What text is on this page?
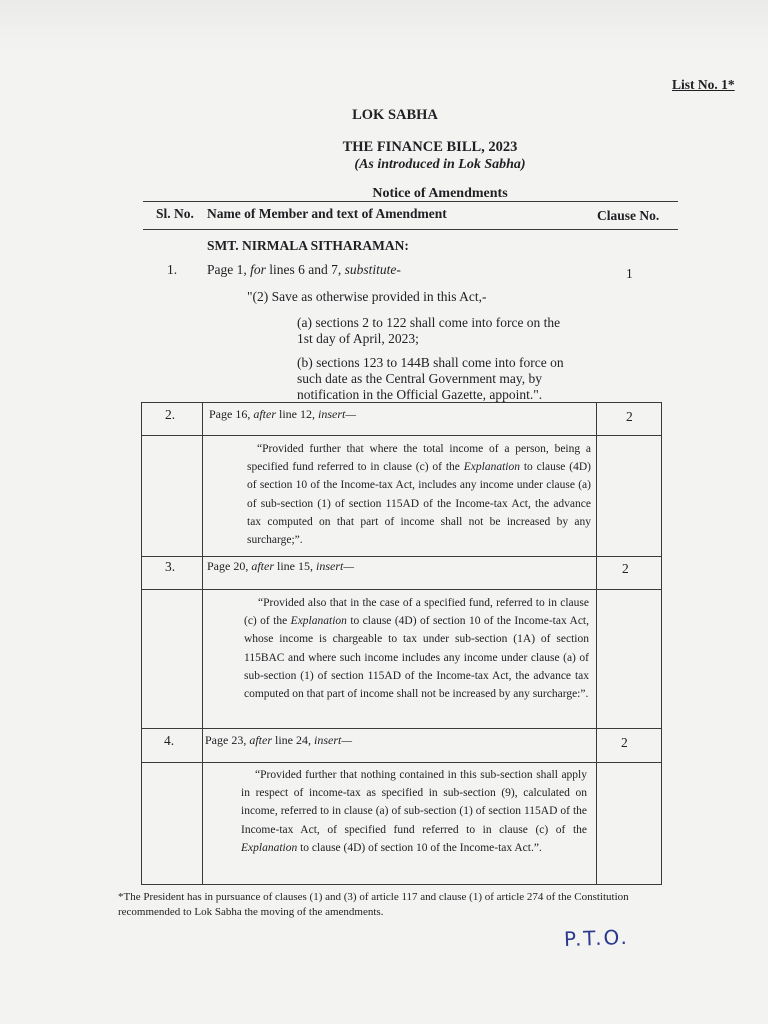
List No. 1*
LOK SABHA
THE FINANCE BILL, 2023
(As introduced in Lok Sabha)
Notice of Amendments
Sl. No. Name of Member and text of Amendment	Clause No.
SMT. NIRMALA SITHARAMAN:
1. Page 1, for lines 6 and 7, substitute-	1
"(2) Save as otherwise provided in this Act,-
(a) sections 2 to 122 shall come into force on the
1st day of April, 2023;
(b) sections 123 to 144B shall come into force on
such date as the Central Government may, by
notification in the Official Gazette, appoint.".
2.	Page 16, after line 12, insert—	2
“Provided further that where the total income of a person, being a specified fund referred to in clause (c) of the Explanation to clause (4D) of section 10 of the Income-tax Act, includes any income under clause (a) of sub-section (1) of section 115AD of the Income-tax Act, the advance tax computed on that part of income shall not be increased by any surcharge;”.
3.	Page 20, after line 15, insert—	2
“Provided also that in the case of a specified fund, referred to in clause (c) of the Explanation to clause (4D) of section 10 of the Income-tax Act, whose income is chargeable to tax under sub-section (1A) of section 115BAC and where such income includes any income under clause (a) of sub-section (1) of section 115AD of the Income-tax Act, the advance tax computed on that part of income shall not be increased by any surcharge:”.
4.	Page 23, after line 24, insert—	2
“Provided further that nothing contained in this sub-section shall apply in respect of income-tax as specified in sub-section (9), calculated on income, referred to in clause (a) of sub-section (1) of section 115AD of the Income-tax Act, of specified fund referred to in clause (c) of the Explanation to clause (4D) of section 10 of the Income-tax Act.”.
*The President has in pursuance of clauses (1) and (3) of article 117 and clause (1) of article 274 of the Constitution recommended to Lok Sabha the moving of the amendments.
P.T.O.
